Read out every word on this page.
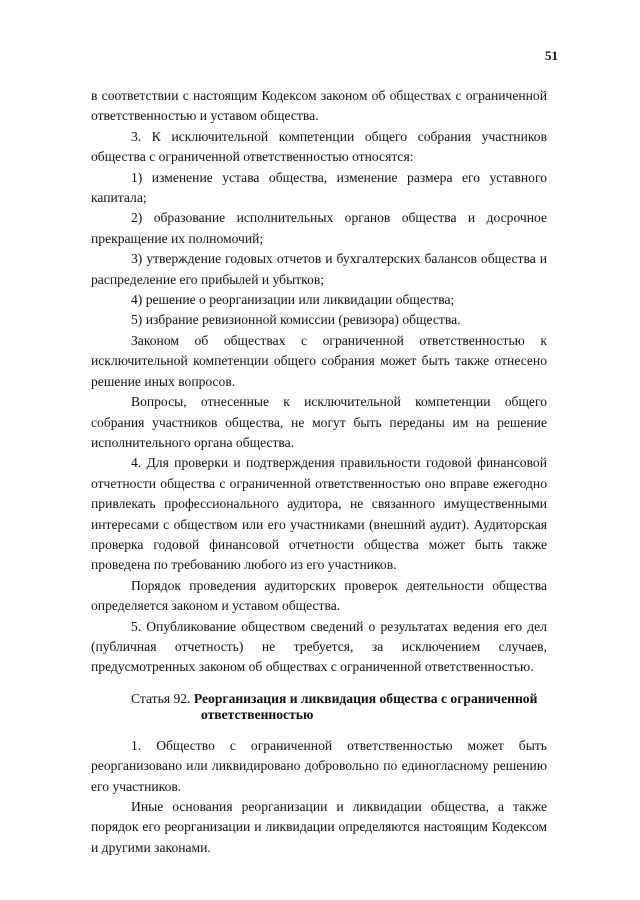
51

в соответствии с настоящим Кодексом законом об обществах с ограниченной ответственностью и уставом общества.

3. К исключительной компетенции общего собрания участников общества с ограниченной ответственностью относятся:

1) изменение устава общества, изменение размера его уставного капитала;

2) образование исполнительных органов общества и досрочное прекращение их полномочий;

3) утверждение годовых отчетов и бухгалтерских балансов общества и распределение его прибылей и убытков;

4) решение о реорганизации или ликвидации общества;

5) избрание ревизионной комиссии (ревизора) общества.

Законом об обществах с ограниченной ответственностью к исключительной компетенции общего собрания может быть также отнесено решение иных вопросов.

Вопросы, отнесенные к исключительной компетенции общего собрания участников общества, не могут быть переданы им на решение исполнительного органа общества.

4. Для проверки и подтверждения правильности годовой финансовой отчетности общества с ограниченной ответственностью оно вправе ежегодно привлекать профессионального аудитора, не связанного имущественными интересами с обществом или его участниками (внешний аудит). Аудиторская проверка годовой финансовой отчетности общества может быть также проведена по требованию любого из его участников.

Порядок проведения аудиторских проверок деятельности общества определяется законом и уставом общества.

5. Опубликование обществом сведений о результатах ведения его дел (публичная отчетность) не требуется, за исключением случаев, предусмотренных законом об обществах с ограниченной ответственностью.

Статья 92. Реорганизация и ликвидация общества с ограниченной
ответственностью

1. Общество с ограниченной ответственностью может быть реорганизовано или ликвидировано добровольно по единогласному решению его участников.

Иные основания реорганизации и ликвидации общества, а также порядок его реорганизации и ликвидации определяются настоящим Кодексом и другими законами.
